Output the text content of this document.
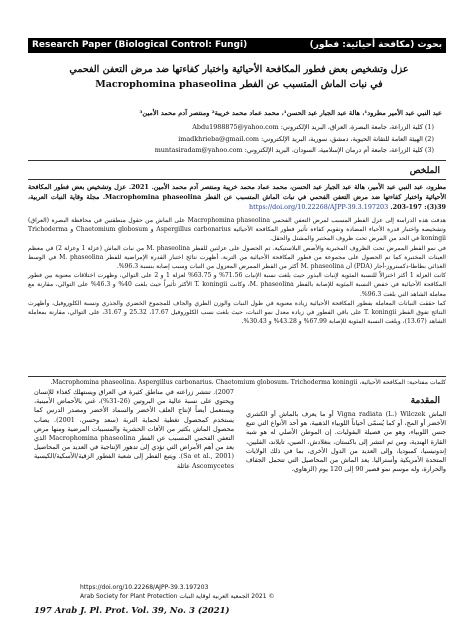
Research Paper (Biological Control: Fungi)	بحوث (مكافحة أحيائية: فطور)
عزل وتشخيص بعض فطور المكافحة الأحيائية واختبار كفاءتها ضد مرض التعفن الفحمي
في نبات الماش المتسبب عن الفطر Macrophomina phaseolina
عبد النبي عبد الأمير مطرود¹، هالة عبد الجبار عبد الحسن¹، محمد عماد محمد خريبة² ومنتصر آدم محمد الأمين³
(1) كلية الزراعة، جامعة البصرة، العراق، البريد الإلكتروني: Abdu1988875@yahoo.com
(2) الهيئة العامة للتقانة الحيوية، دمشق، سورية، البريد الإلكتروني: imadkhrieba@gmail.com
(3) كلية الزراعة، جامعة أم درمان الإسلامية، السودان، البريد الإلكتروني: muntasiradam@yahoo.com
الملخص
مطرود، عبد النبي عبد الأمير، هالة عبد الجبار عبد الحسن، محمد عماد محمد خريبة ومنتصر آدم محمد الأمين. 2021. عزل وتشخيص بعض فطور المكافحة الأحيائية واختبار كفاءتها ضد مرض التعفن الفحمي في نبات الماش المتسبب عن الفطر Macrophomina phaseolina. مجلة وقاية النبات العربية، 39(3): 197-203. https://doi.org/10.22268/AJPP-39.3.197203

هدفت هذه الدراسة إلى عزل الفطر المسبب لمرض التعفن الفحمي Macrophomina phaseolina على الماش من حقول منطقتين في محافظة البصرة (العراق) وتشخيصه واختبار قدرة الأحياء المضادة وتقويم كفاءة تأثير فطور المكافحة الأحيائية Aspergillus carbonarius و Chaetomium globosum و Trichoderma koningii في الحد من المرض تحت ظروف المختبر والمشتل والحقل.

في نمو الفطر الممرض تحت الظروف المخبرية والأصص البلاستيكية. تم الحصول على عزلتين للفطر M. phaseolina من نبات الماش (عزلة 1 وعزلة 2) في معظم العينات المختبرة كما تم الحصول على مجموعة من فطور المكافحة الأحيائية من التربة. أظهرت نتائج اختبار القدرة الإمراضية للفطر M. phaseolina في الوسط الغذائي بطاطا-دكستروز-أجار (PDA) أن M. phaseolina أكثر من الفطر الممرض المعزول من النبات وسبب إصابة بنسبة 96.3%.

كانت العزلة 1 أكثر اختزالاً للنسبة المئوية لإنبات البذور حيث بلغت نسبة الإنبات 71.56% و 63.75% لعزلة 1 و 2 على التوالي، وظهرت اختلافات معنوية بين فطور المكافحة الأحيائية في خفض النسبة المئوية للإصابة بالفطر M. phaseolina، وكانت T. koningii الأكثر تأثيراً حيث بلغت 40% و 46.3% على التوالي، مقارنة مع معاملة الشاهد التي بلغت 96.3%.

كما حققت النباتات المعاملة بفطور المكافحة الأحيائية زيادة معنوية في طول النبات والوزن الطري والجاف للمجموع الخضري والجذري ونسبة الكلوروفيل، وأظهرت النتائج تفوق الفطر T. koningii على باقي الفطور في زيادة معدل نمو النبات، حيث بلغت نسب الكلوروفيل 17.67، 25.32 و 31.67، على التوالي، مقارنة بمعاملة الشاهد (13.67)، وبلغت النسبة المئوية للإصابة 67.99% و 43.28% و 30.43%.

كلمات مفتاحية: المكافحة الأحيائية، Macrophomina phaseolina، Aspergillus carbonarius، Chaetomium globosum، Trichoderma koningii.
المقدمة
الماش Vigna radiata (L.) Wilczek أو ما يعرف بالماش أو الكشري الأخضر أو المج، أو كما يُسمّى أحياناً اللوبياء الذهبية، هو أحد الأنواع التي تتبع جنس اللوبياء، وهو من فصيلة البقوليات. إن الموطن الأصلي له هو شبه القارة الهندية، ومن ثم انتشر إلى باكستان، بنغلادش، الصين، تايلاند، الفلبين، إندونيسيا، كمبوديا، وإلى العديد من الدول الأخرى، بما في ذلك الولايات المتحدة الأمريكية وأستراليا. يعد الماش من المحاصيل التي تتحمل الجفاف والحرارة، وله موسم نمو قصير 90 إلى 120 يوم (الزهاوي،
2007). تنتشر زراعته في مناطق كثيرة في العراق ويستهلك كغذاء للإنسان ويحتوي على نسبة عالية من البروتين (26-31%)، غني بالأحماض الأمينية، ويستعمل أيضاً لإنتاج العلف الأخضر والسماد الأخضر ومصدر الدرس كما يستخدم كمحصول تغطية لحماية التربة (سعد وحسن، 2001). يصاب محصول الماش بكثير من الآفات الحشرية والمسببات المرضية ومنها مرض التعفن الفحمي المتسبب عن الفطر Macrophomina phaseolina الذي يعد من أهم الأمراض التي تؤدي إلى تدهور الإنتاجية في العديد من المحاصيل (Sa et al., 2001). ويتبع الفطر إلى شعبة الفطور الزقية/الأسكية/الكيسية Ascomycetes عائلة
https://doi.org/10.22268/AJPP-39.3.197203
© 2021 الجمعية العربية لوقاية النبات Arab Society for Plant Protection
197 Arab J. Pl. Prot. Vol. 39, No. 3 (2021)
